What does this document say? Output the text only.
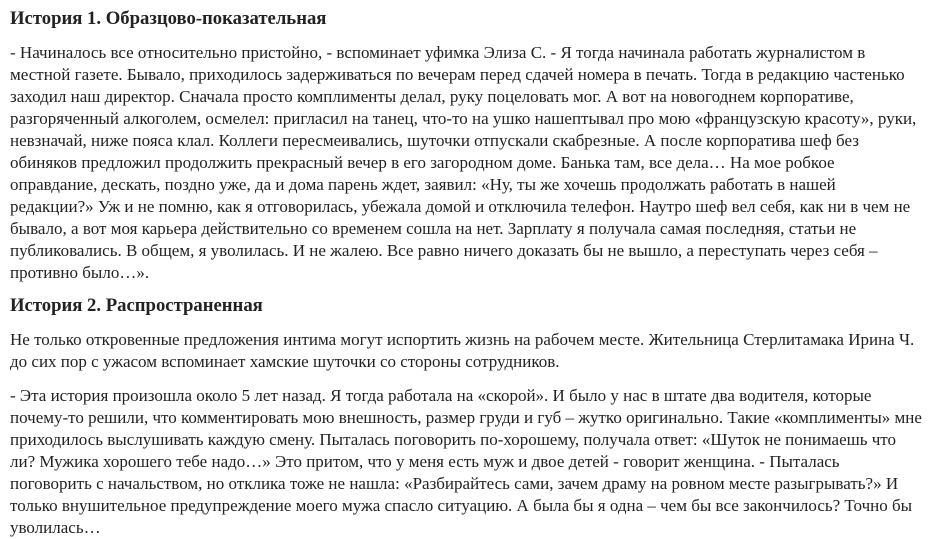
История 1. Образцово-показательная

- Начиналось все относительно пристойно, - вспоминает уфимка Элиза С. - Я тогда начинала работать журналистом в местной газете. Бывало, приходилось задерживаться по вечерам перед сдачей номера в печать. Тогда в редакцию частенько заходил наш директор. Сначала просто комплименты делал, руку поцеловать мог. А вот на новогоднем корпоративе, разгоряченный алкоголем, осмелел: пригласил на танец, что-то на ушко нашептывал про мою «французскую красоту», руки, невзначай, ниже пояса клал. Коллеги пересмеивались, шуточки отпускали скабрезные. А после корпоратива шеф без обиняков предложил продолжить прекрасный вечер в его загородном доме. Банька там, все дела… На мое робкое оправдание, дескать, поздно уже, да и дома парень ждет, заявил: «Ну, ты же хочешь продолжать работать в нашей редакции?» Уж и не помню, как я отговорилась, убежала домой и отключила телефон. Наутро шеф вел себя, как ни в чем не бывало, а вот моя карьера действительно со временем сошла на нет. Зарплату я получала самая последняя, статьи не публиковались. В общем, я уволилась. И не жалею. Все равно ничего доказать бы не вышло, а переступать через себя – противно было…».

История 2. Распространенная

Не только откровенные предложения интима могут испортить жизнь на рабочем месте. Жительница Стерлитамака Ирина Ч. до сих пор с ужасом вспоминает хамские шуточки со стороны сотрудников.

- Эта история произошла около 5 лет назад. Я тогда работала на «скорой». И было у нас в штате два водителя, которые почему-то решили, что комментировать мою внешность, размер груди и губ – жутко оригинально. Такие «комплименты» мне приходилось выслушивать каждую смену. Пыталась поговорить по-хорошему, получала ответ: «Шуток не понимаешь что ли? Мужика хорошего тебе надо…» Это притом, что у меня есть муж и двое детей - говорит женщина. - Пыталась поговорить с начальством, но отклика тоже не нашла: «Разбирайтесь сами, зачем драму на ровном месте разыгрывать?» И только внушительное предупреждение моего мужа спасло ситуацию. А была бы я одна – чем бы все закончилось? Точно бы уволилась…
